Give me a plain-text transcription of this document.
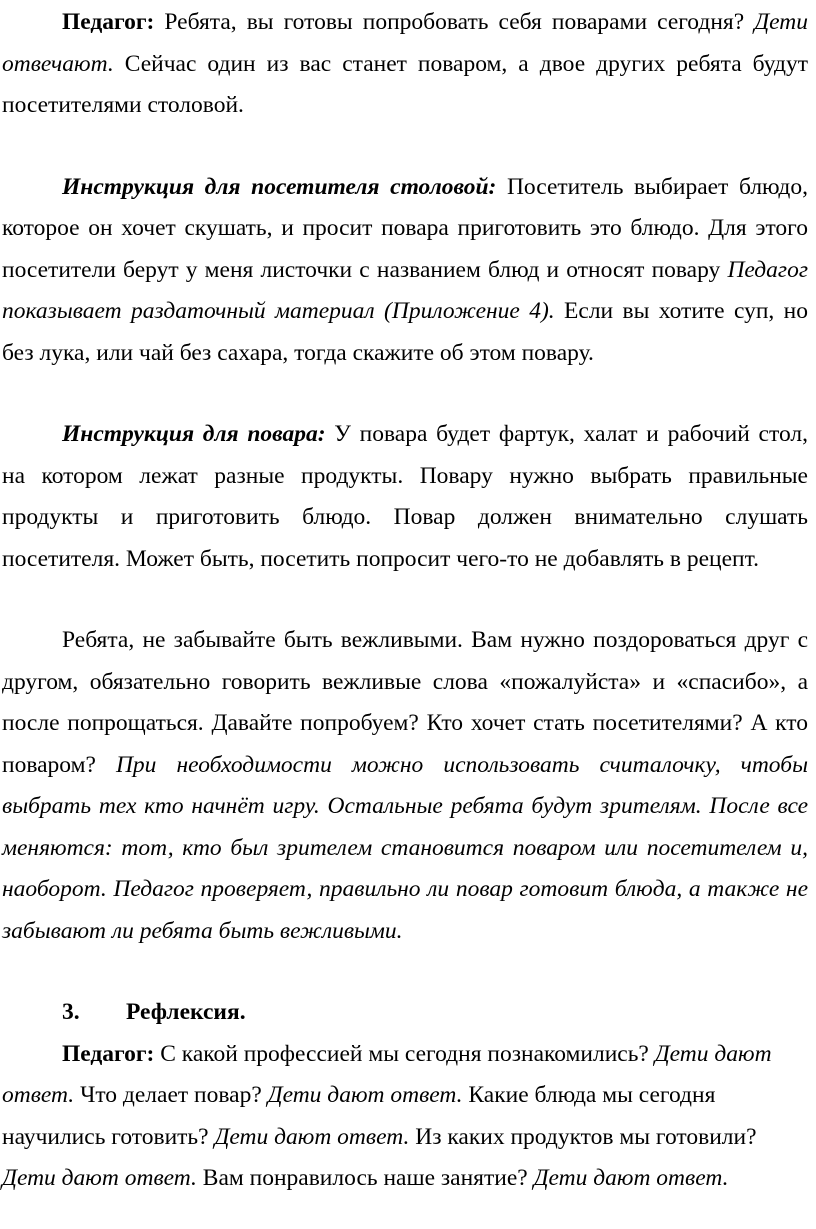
Педагог: Ребята, вы готовы попробовать себя поварами сегодня? Дети отвечают. Сейчас один из вас станет поваром, а двое других ребята будут посетителями столовой.

Инструкция для посетителя столовой: Посетитель выбирает блюдо, которое он хочет скушать, и просит повара приготовить это блюдо. Для этого посетители берут у меня листочки с названием блюд и относят повару Педагог показывает раздаточный материал (Приложение 4). Если вы хотите суп, но без лука, или чай без сахара, тогда скажите об этом повару.

Инструкция для повара: У повара будет фартук, халат и рабочий стол, на котором лежат разные продукты. Повару нужно выбрать правильные продукты и приготовить блюдо. Повар должен внимательно слушать посетителя. Может быть, посетить попросит чего-то не добавлять в рецепт.

Ребята, не забывайте быть вежливыми. Вам нужно поздороваться друг с другом, обязательно говорить вежливые слова «пожалуйста» и «спасибо», а после попрощаться. Давайте попробуем? Кто хочет стать посетителями? А кто поваром? При необходимости можно использовать считалочку, чтобы выбрать тех кто начнёт игру. Остальные ребята будут зрителям. После все меняются: тот, кто был зрителем становится поваром или посетителем и, наоборот. Педагог проверяет, правильно ли повар готовит блюда, а также не забывают ли ребята быть вежливыми.

3. Рефлексия.

Педагог: С какой профессией мы сегодня познакомились? Дети дают ответ. Что делает повар? Дети дают ответ. Какие блюда мы сегодня научились готовить? Дети дают ответ. Из каких продуктов мы готовили? Дети дают ответ. Вам понравилось наше занятие? Дети дают ответ.
